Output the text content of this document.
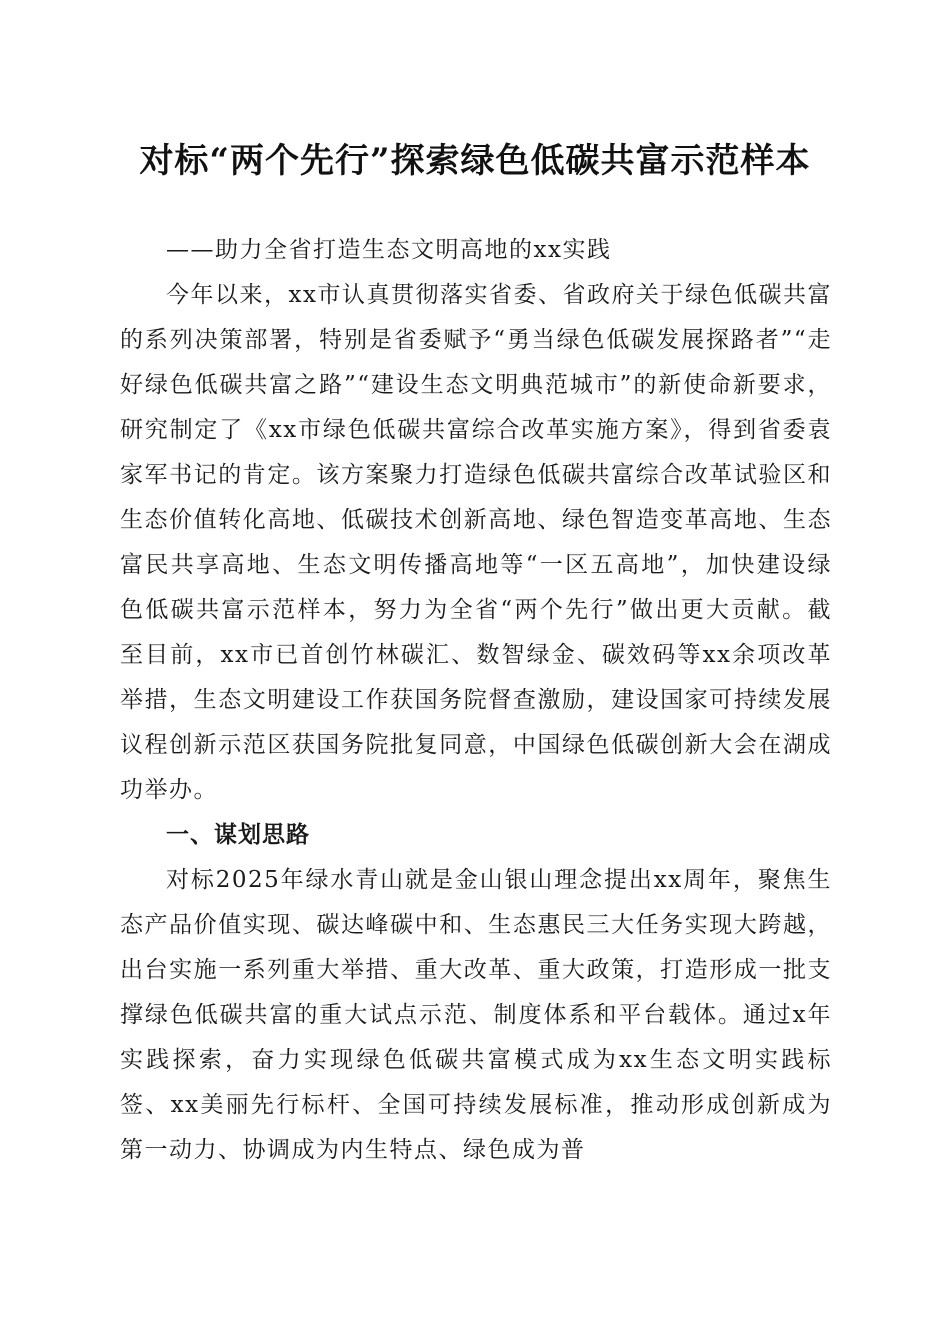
对标“两个先行”探索绿色低碳共富示范样本

——助力全省打造生态文明高地的xx实践

今年以来，xx市认真贯彻落实省委、省政府关于绿色低碳共富的系列决策部署，特别是省委赋予“勇当绿色低碳发展探路者”“走好绿色低碳共富之路”“建设生态文明典范城市”的新使命新要求，研究制定了《xx市绿色低碳共富综合改革实施方案》，得到省委袁家军书记的肯定。该方案聚力打造绿色低碳共富综合改革试验区和生态价值转化高地、低碳技术创新高地、绿色智造变革高地、生态富民共享高地、生态文明传播高地等“一区五高地”，加快建设绿色低碳共富示范样本，努力为全省“两个先行”做出更大贡献。截至目前，xx市已首创竹林碳汇、数智绿金、碳效码等xx余项改革举措，生态文明建设工作获国务院督查激励，建设国家可持续发展议程创新示范区获国务院批复同意，中国绿色低碳创新大会在湖成功举办。

一、谋划思路

对标2025年绿水青山就是金山银山理念提出xx周年，聚焦生态产品价值实现、碳达峰碳中和、生态惠民三大任务实现大跨越，出台实施一系列重大举措、重大改革、重大政策，打造形成一批支撑绿色低碳共富的重大试点示范、制度体系和平台载体。通过x年实践探索，奋力实现绿色低碳共富模式成为xx生态文明实践标签、xx美丽先行标杆、全国可持续发展标准，推动形成创新成为第一动力、协调成为内生特点、绿色成为普
